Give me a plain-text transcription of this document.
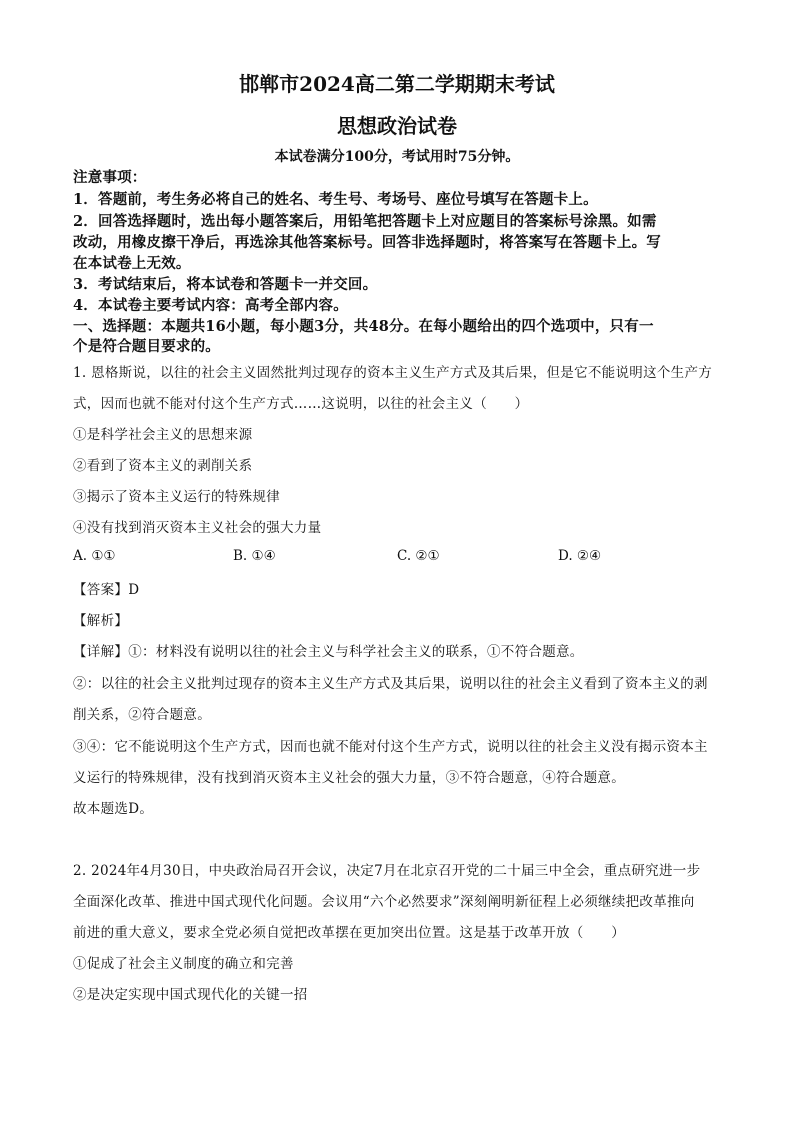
邯郸市2024高二第二学期期末考试
思想政治试卷
本试卷满分100分，考试用时75分钟。
注意事项：
1．答题前，考生务必将自己的姓名、考生号、考场号、座位号填写在答题卡上。
2．回答选择题时，选出每小题答案后，用铅笔把答题卡上对应题目的答案标号涂黑。如需
改动，用橡皮擦干净后，再选涂其他答案标号。回答非选择题时，将答案写在答题卡上。写
在本试卷上无效。
3．考试结束后，将本试卷和答题卡一并交回。
4．本试卷主要考试内容：高考全部内容。
一、选择题：本题共16小题，每小题3分，共48分。在每小题给出的四个选项中，只有一
个是符合题目要求的。
1. 恩格斯说，以往的社会主义固然批判过现存的资本主义生产方式及其后果，但是它不能说明这个生产方
式，因而也就不能对付这个生产方式……这说明，以往的社会主义（　　）
①是科学社会主义的思想来源
②看到了资本主义的剥削关系
③揭示了资本主义运行的特殊规律
④没有找到消灭资本主义社会的强大力量
A. ①①	B. ①④	C. ②①	D. ②④
【答案】D
【解析】
【详解】①：材料没有说明以往的社会主义与科学社会主义的联系，①不符合题意。
②：以往的社会主义批判过现存的资本主义生产方式及其后果，说明以往的社会主义看到了资本主义的剥
削关系，②符合题意。
③④：它不能说明这个生产方式，因而也就不能对付这个生产方式，说明以往的社会主义没有揭示资本主
义运行的特殊规律，没有找到消灭资本主义社会的强大力量，③不符合题意，④符合题意。
故本题选D。
2. 2024年4月30日，中央政治局召开会议，决定7月在北京召开党的二十届三中全会，重点研究进一步
全面深化改革、推进中国式现代化问题。会议用“六个必然要求”深刻阐明新征程上必须继续把改革推向
前进的重大意义，要求全党必须自觉把改革摆在更加突出位置。这是基于改革开放（　　）
①促成了社会主义制度的确立和完善
②是决定实现中国式现代化的关键一招
